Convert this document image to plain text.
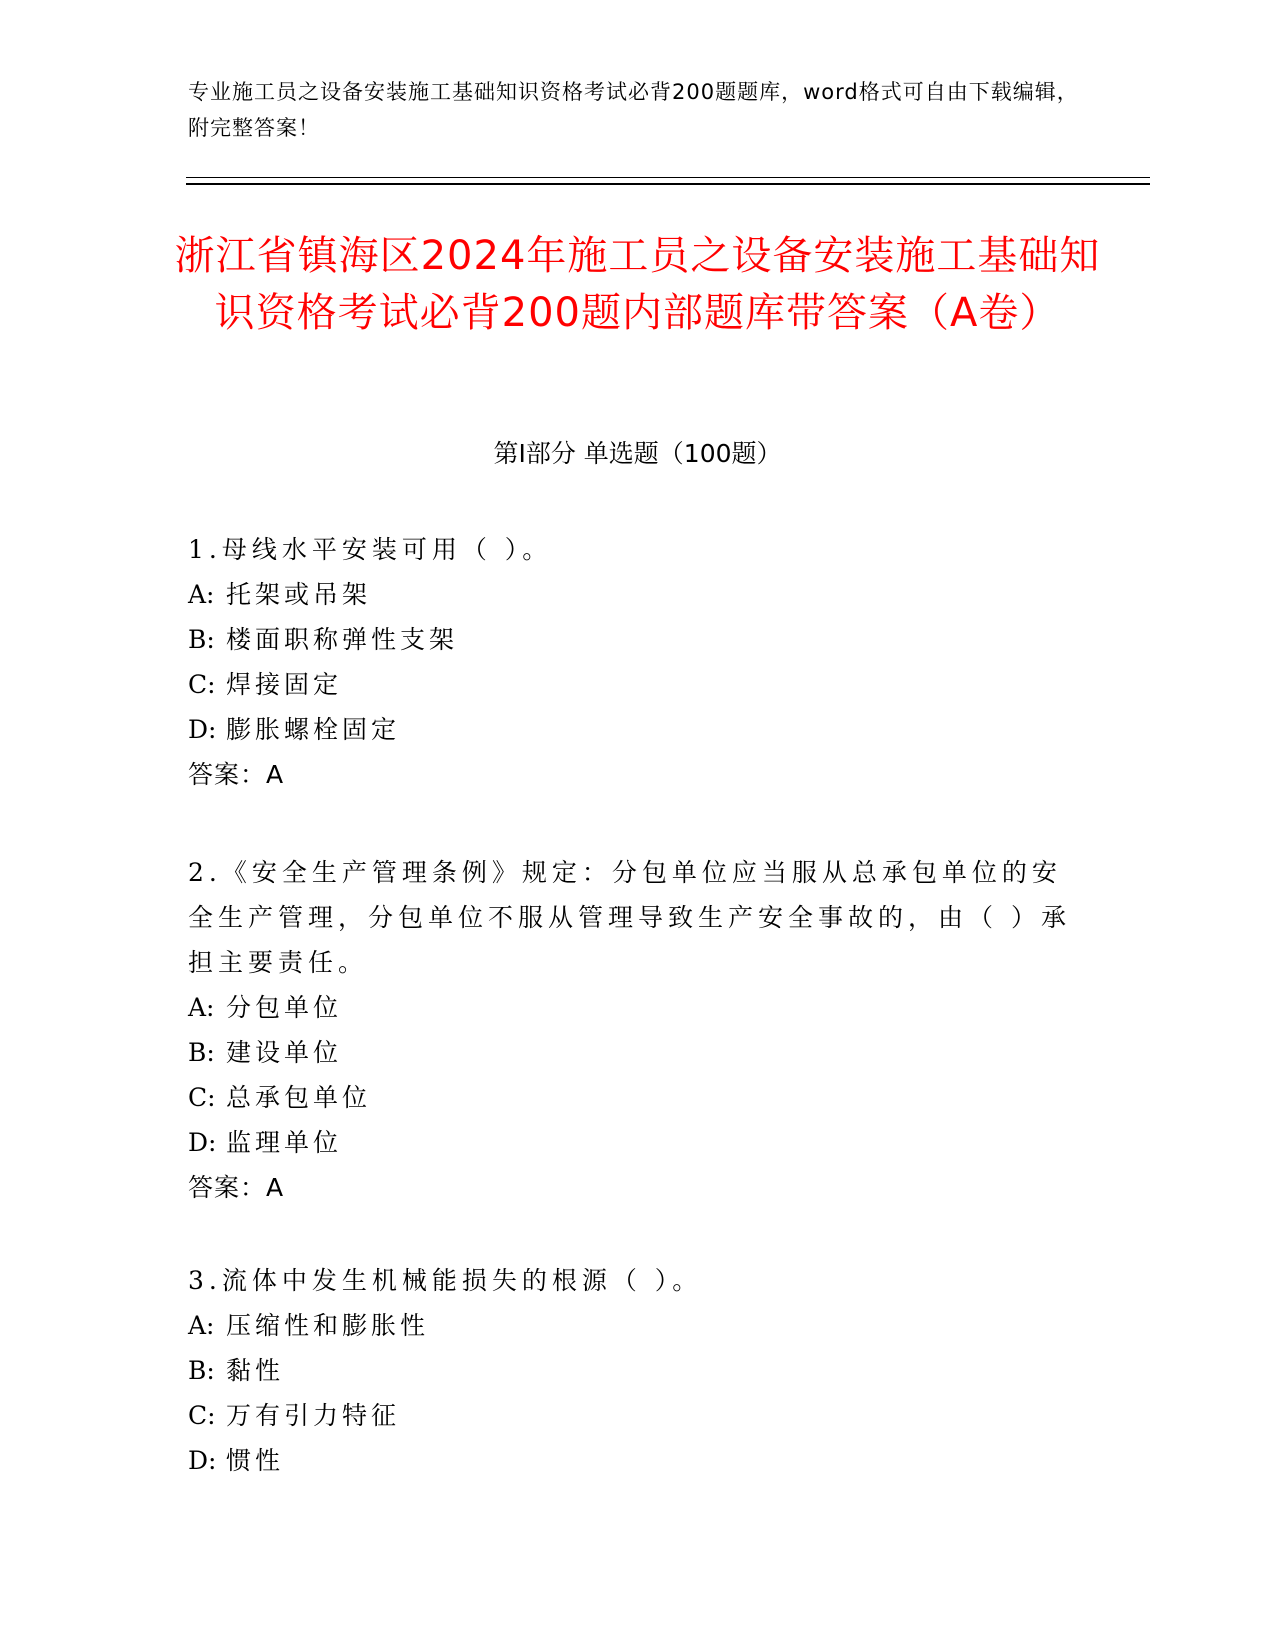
专业施工员之设备安装施工基础知识资格考试必背200题题库，word格式可自由下载编辑，附完整答案！
浙江省镇海区2024年施工员之设备安装施工基础知识资格考试必背200题内部题库带答案（A卷）
第Ⅰ部分 单选题（100题）
1.母线水平安装可用（ ）。
A: 托架或吊架
B: 楼面职称弹性支架
C: 焊接固定
D: 膨胀螺栓固定
答案：A
2.《安全生产管理条例》规定：分包单位应当服从总承包单位的安全生产管理，分包单位不服从管理导致生产安全事故的，由（ ）承担主要责任。
A: 分包单位
B: 建设单位
C: 总承包单位
D: 监理单位
答案：A
3.流体中发生机械能损失的根源（ ）。
A: 压缩性和膨胀性
B: 黏性
C: 万有引力特征
D: 惯性
